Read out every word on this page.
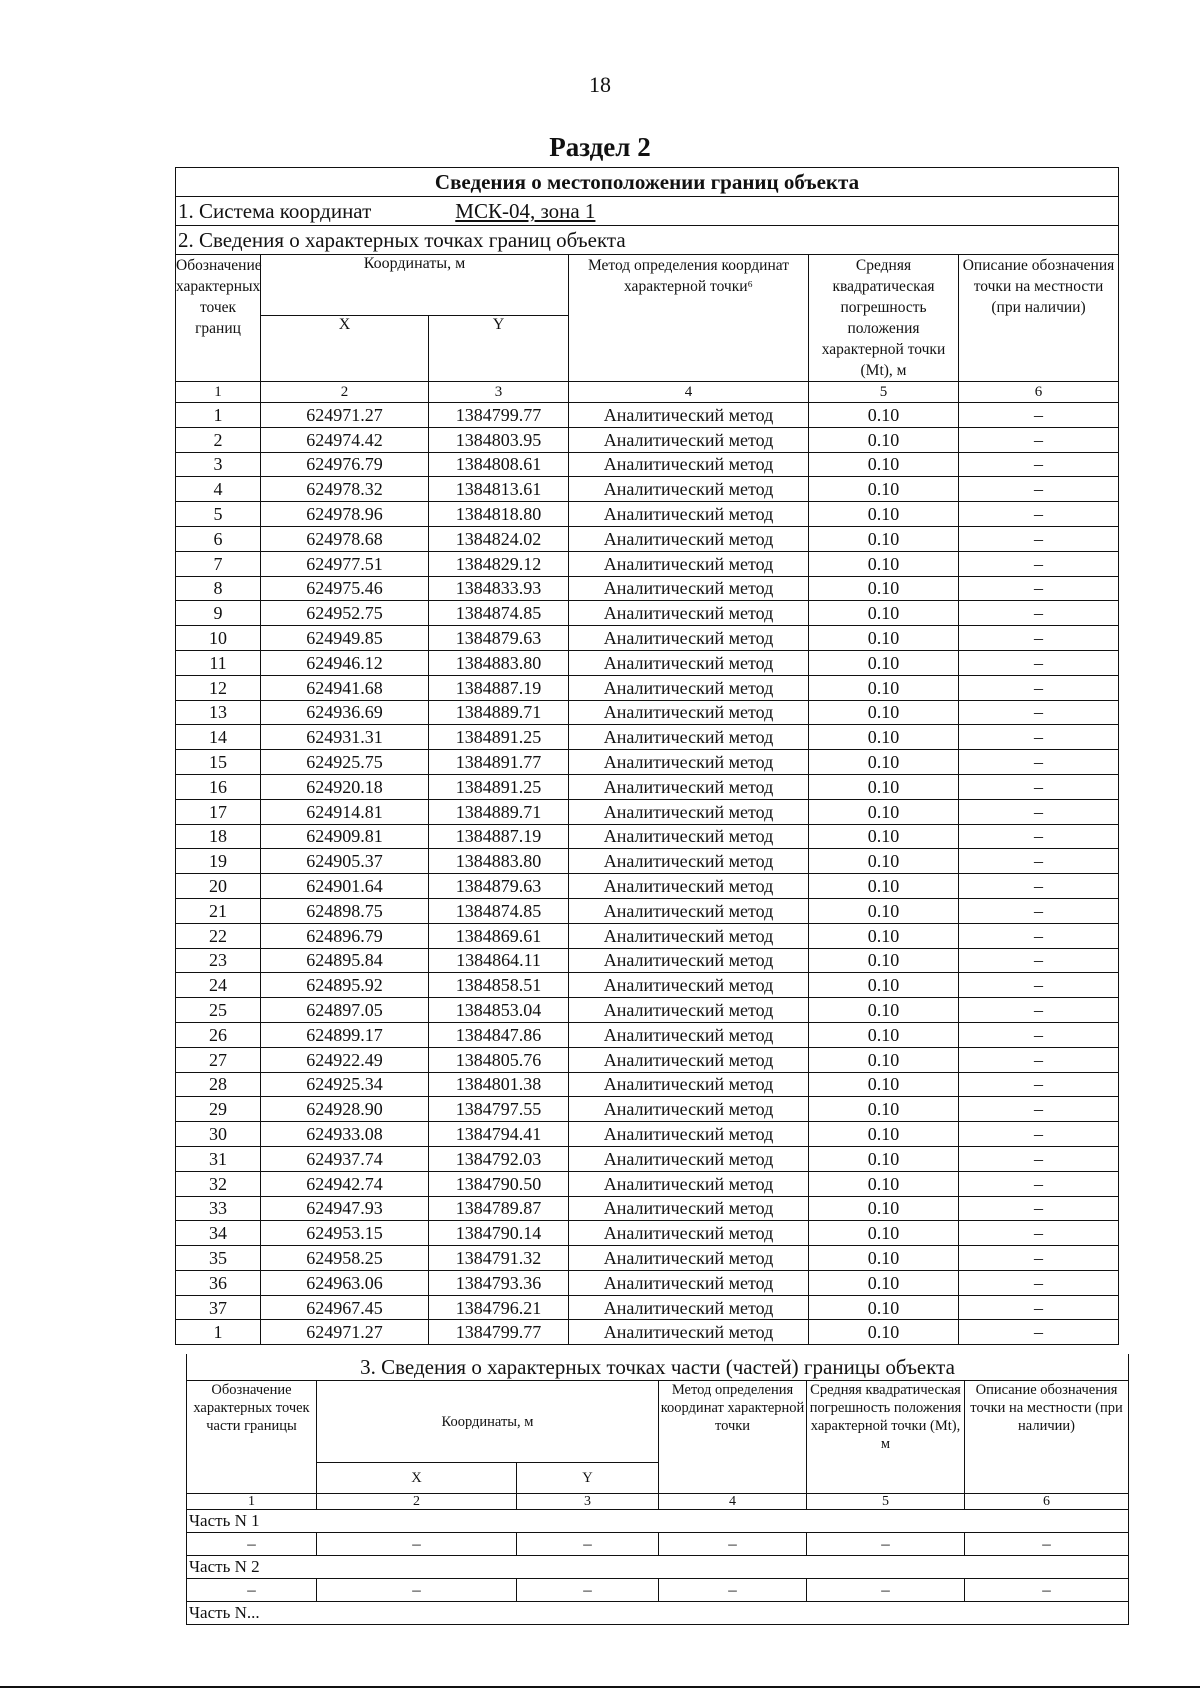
18
Раздел 2
Сведения о местоположении границ объекта					
1. Система координат МСК-04, зона 1					
2. Сведения о характерных точках границ объекта					
Обозначение характерных точек границ	Координаты, м		Метод определения координат характерной точки⁶	Средняя квадратическая погрешность положения характерной точки (Mt), м	Описание обозначения точки на местности (при наличии)
	X	Y			
1	2	3	4	5	6
1	624971.27	1384799.77	Аналитический метод	0.10	–
2	624974.42	1384803.95	Аналитический метод	0.10	–
3	624976.79	1384808.61	Аналитический метод	0.10	–
4	624978.32	1384813.61	Аналитический метод	0.10	–
5	624978.96	1384818.80	Аналитический метод	0.10	–
6	624978.68	1384824.02	Аналитический метод	0.10	–
7	624977.51	1384829.12	Аналитический метод	0.10	–
8	624975.46	1384833.93	Аналитический метод	0.10	–
9	624952.75	1384874.85	Аналитический метод	0.10	–
10	624949.85	1384879.63	Аналитический метод	0.10	–
11	624946.12	1384883.80	Аналитический метод	0.10	–
12	624941.68	1384887.19	Аналитический метод	0.10	–
13	624936.69	1384889.71	Аналитический метод	0.10	–
14	624931.31	1384891.25	Аналитический метод	0.10	–
15	624925.75	1384891.77	Аналитический метод	0.10	–
16	624920.18	1384891.25	Аналитический метод	0.10	–
17	624914.81	1384889.71	Аналитический метод	0.10	–
18	624909.81	1384887.19	Аналитический метод	0.10	–
19	624905.37	1384883.80	Аналитический метод	0.10	–
20	624901.64	1384879.63	Аналитический метод	0.10	–
21	624898.75	1384874.85	Аналитический метод	0.10	–
22	624896.79	1384869.61	Аналитический метод	0.10	–
23	624895.84	1384864.11	Аналитический метод	0.10	–
24	624895.92	1384858.51	Аналитический метод	0.10	–
25	624897.05	1384853.04	Аналитический метод	0.10	–
26	624899.17	1384847.86	Аналитический метод	0.10	–
27	624922.49	1384805.76	Аналитический метод	0.10	–
28	624925.34	1384801.38	Аналитический метод	0.10	–
29	624928.90	1384797.55	Аналитический метод	0.10	–
30	624933.08	1384794.41	Аналитический метод	0.10	–
31	624937.74	1384792.03	Аналитический метод	0.10	–
32	624942.74	1384790.50	Аналитический метод	0.10	–
33	624947.93	1384789.87	Аналитический метод	0.10	–
34	624953.15	1384790.14	Аналитический метод	0.10	–
35	624958.25	1384791.32	Аналитический метод	0.10	–
36	624963.06	1384793.36	Аналитический метод	0.10	–
37	624967.45	1384796.21	Аналитический метод	0.10	–
1	624971.27	1384799.77	Аналитический метод	0.10	–
3. Сведения о характерных точках части (частей) границы объекта					
Обозначение характерных точек части границы	Координаты, м		Метод определения координат характерной точки	Средняя квадратическая погрешность положения характерной точки (Mt), м	Описание обозначения точки на местности (при наличии)
	X	Y			
1	2	3	4	5	6
Часть N 1					
–	–	–	–	–	–
Часть N 2					
–	–	–	–	–	–
Часть N...					
